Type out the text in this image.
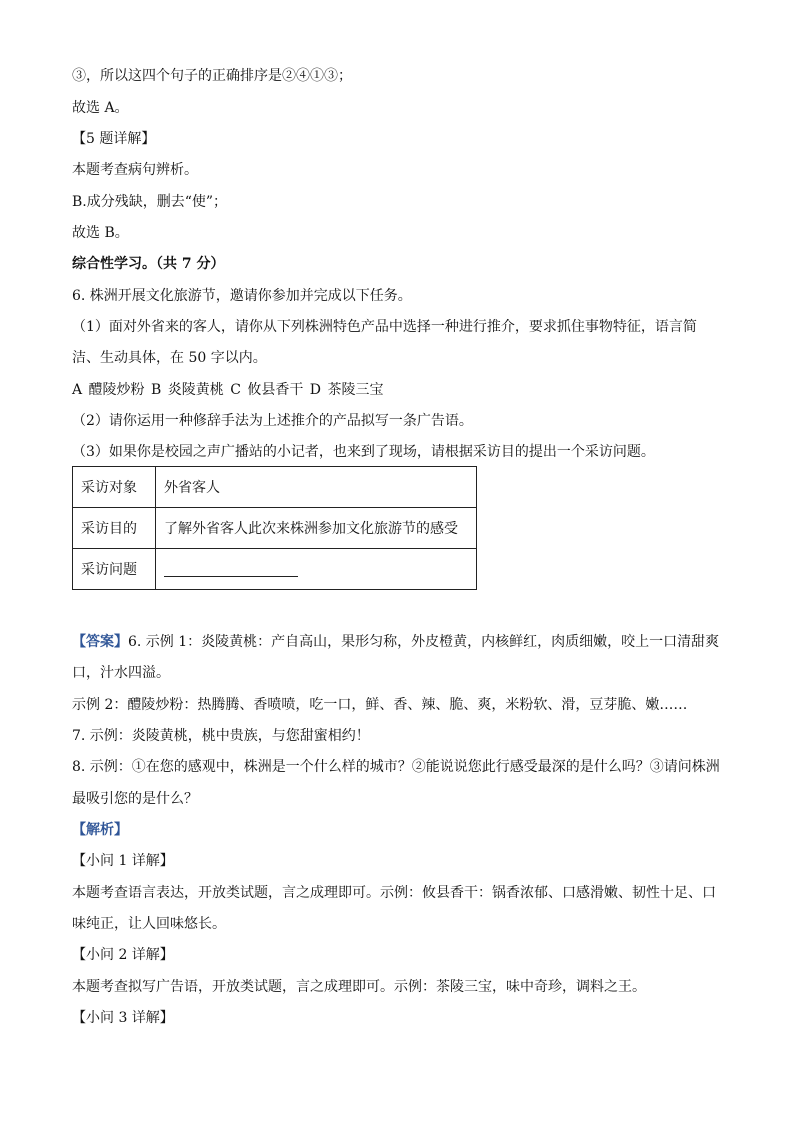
③，所以这四个句子的正确排序是②④①③；
故选 A。
【5 题详解】
本题考查病句辨析。
B.成分残缺，删去“使”；
故选 B。
综合性学习。（共 7 分）
6. 株洲开展文化旅游节，邀请你参加并完成以下任务。
（1）面对外省来的客人，请你从下列株洲特色产品中选择一种进行推介，要求抓住事物特征，语言简
洁、生动具体，在 50 字以内。
A 醴陵炒粉 B 炎陵黄桃 C 攸县香干 D 茶陵三宝
（2）请你运用一种修辞手法为上述推介的产品拟写一条广告语。
（3）如果你是校园之声广播站的小记者，也来到了现场，请根据采访目的提出一个采访问题。
采访对象	外省客人
采访目的	了解外省客人此次来株洲参加文化旅游节的感受
采访问题	
【答案】6. 示例 1：炎陵黄桃：产自高山，果形匀称，外皮橙黄，内核鲜红，肉质细嫩，咬上一口清甜爽
口，汁水四溢。
示例 2：醴陵炒粉：热腾腾、香喷喷，吃一口，鲜、香、辣、脆、爽，米粉软、滑，豆芽脆、嫩……
7. 示例：炎陵黄桃，桃中贵族，与您甜蜜相约！
8. 示例：①在您的感观中，株洲是一个什么样的城市？②能说说您此行感受最深的是什么吗？③请问株洲
最吸引您的是什么？
【解析】
【小问 1 详解】
本题考查语言表达，开放类试题，言之成理即可。示例：攸县香干：锅香浓郁、口感滑嫩、韧性十足、口
味纯正，让人回味悠长。
【小问 2 详解】
本题考查拟写广告语，开放类试题，言之成理即可。示例：茶陵三宝，味中奇珍，调料之王。
【小问 3 详解】
